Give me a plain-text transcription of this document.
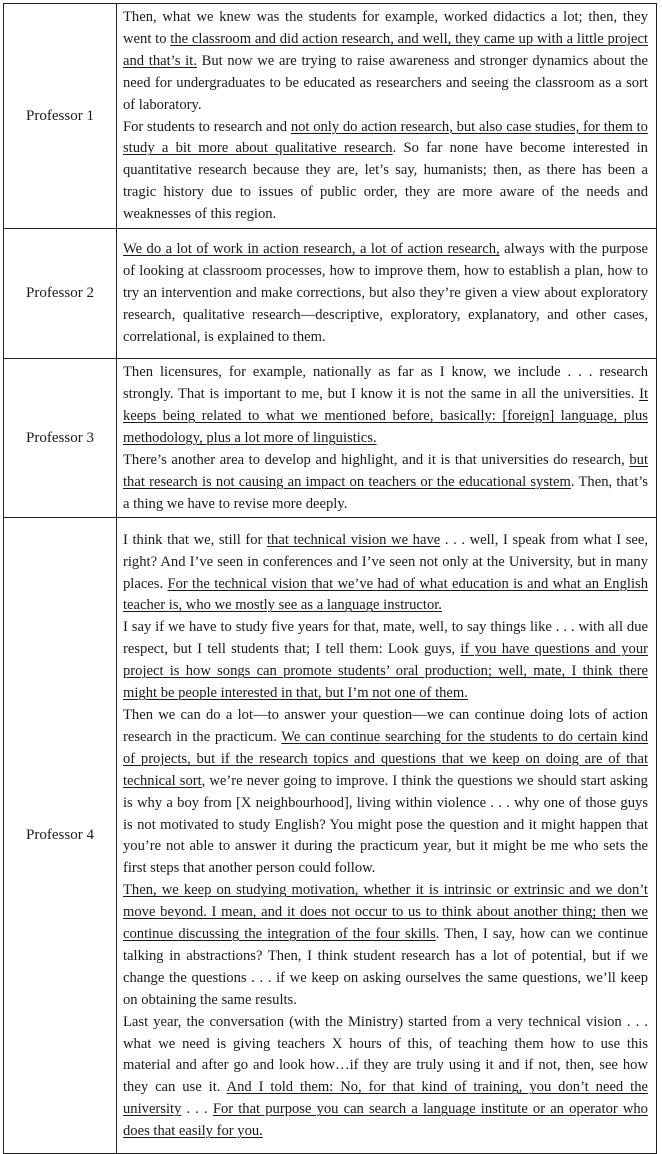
Professor 1	Then, what we knew was the students for example, worked didactics a lot; then, they went to the classroom and did action research, and well, they came up with a little project and that’s it. But now we are trying to raise awareness and stronger dynamics about the need for undergraduates to be educated as researchers and seeing the classroom as a sort of laboratory.

For students to research and not only do action research, but also case studies, for them to study a bit more about qualitative research. So far none have become interested in quantitative research because they are, let’s say, humanists; then, as there has been a tragic history due to issues of public order, they are more aware of the needs and weaknesses of this region.

Professor 2	We do a lot of work in action research, a lot of action research, always with the purpose of looking at classroom processes, how to improve them, how to establish a plan, how to try an intervention and make corrections, but also they’re given a view about exploratory research, qualitative research—descriptive, exploratory, explanatory, and other cases, correlational, is explained to them.

Professor 3	Then licensures, for example, nationally as far as I know, we include . . . research strongly. That is important to me, but I know it is not the same in all the universities. It keeps being related to what we mentioned before, basically: [foreign] language, plus methodology, plus a lot more of linguistics.

There’s another area to develop and highlight, and it is that universities do research, but that research is not causing an impact on teachers or the educational system. Then, that’s a thing we have to revise more deeply.

Professor 4	I think that we, still for that technical vision we have . . . well, I speak from what I see, right? And I’ve seen in conferences and I’ve seen not only at the University, but in many places. For the technical vision that we’ve had of what education is and what an English teacher is, who we mostly see as a language instructor.

I say if we have to study five years for that, mate, well, to say things like . . . with all due respect, but I tell students that; I tell them: Look guys, if you have questions and your project is how songs can promote students’ oral production; well, mate, I think there might be people interested in that, but I’m not one of them.

Then we can do a lot—to answer your question—we can continue doing lots of action research in the practicum. We can continue searching for the students to do certain kind of projects, but if the research topics and questions that we keep on doing are of that technical sort, we’re never going to improve. I think the questions we should start asking is why a boy from [X neighbourhood], living within violence . . . why one of those guys is not motivated to study English? You might pose the question and it might happen that you’re not able to answer it during the practicum year, but it might be me who sets the first steps that another person could follow.

Then, we keep on studying motivation, whether it is intrinsic or extrinsic and we don’t move beyond. I mean, and it does not occur to us to think about another thing; then we continue discussing the integration of the four skills. Then, I say, how can we continue talking in abstractions? Then, I think student research has a lot of potential, but if we change the questions . . . if we keep on asking ourselves the same questions, we’ll keep on obtaining the same results.

Last year, the conversation (with the Ministry) started from a very technical vision . . . what we need is giving teachers X hours of this, of teaching them how to use this material and after go and look how…if they are truly using it and if not, then, see how they can use it. And I told them: No, for that kind of training, you don’t need the university . . . For that purpose you can search a language institute or an operator who does that easily for you.
